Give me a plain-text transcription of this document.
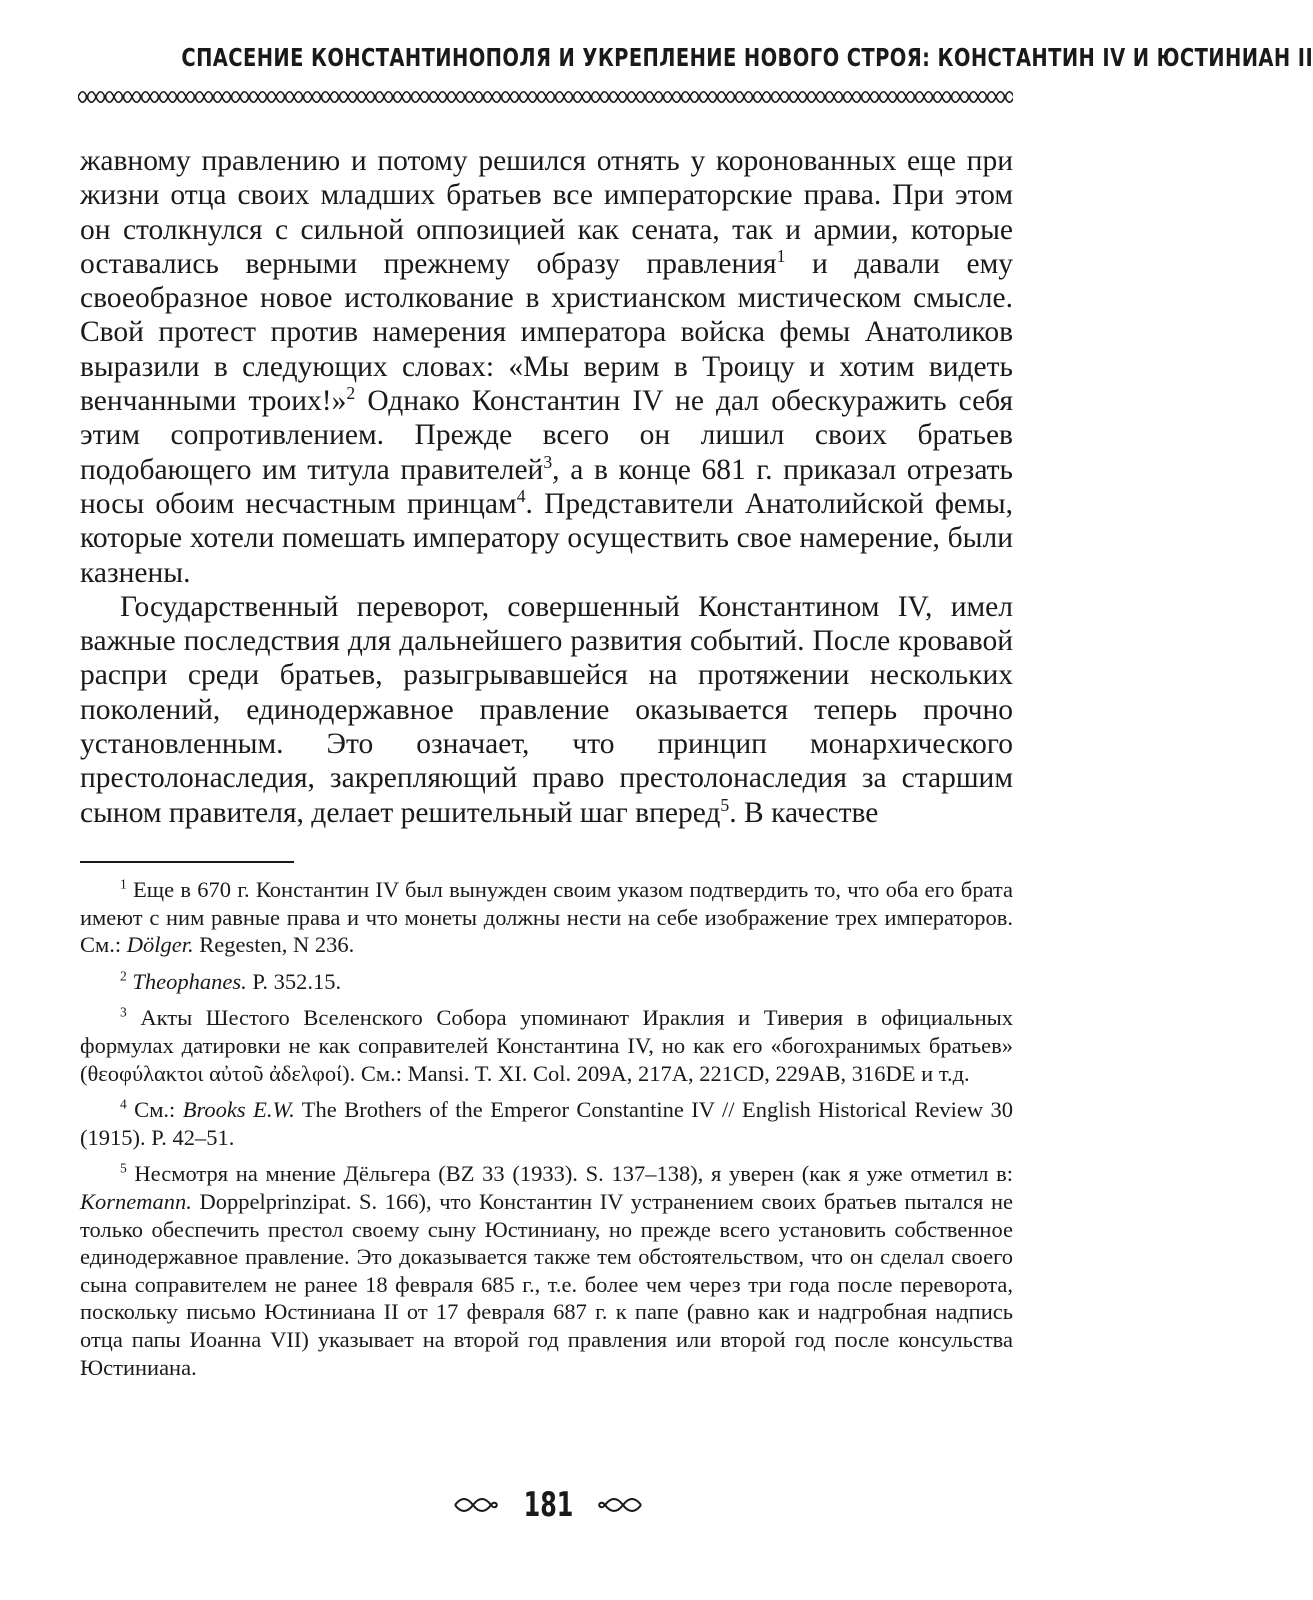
СПАСЕНИЕ КОНСТАНТИНОПОЛЯ И УКРЕПЛЕНИЕ НОВОГО СТРОЯ: КОНСТАНТИН IV И ЮСТИНИАН II

жавному правлению и потому решился отнять у коронованных еще при жизни отца своих младших братьев все императорские права. При этом он столкнулся с сильной оппозицией как сената, так и армии, которые оставались верными прежнему образу правления$^1$ и давали ему своеобразное новое истолкование в христианском мистическом смысле. Свой протест против намерения императора войска фемы Анатоликов выразили в следующих словах: «Мы верим в Троицу и хотим видеть венчанными троих!»$^2$ Однако Константин IV не дал обескуражить себя этим сопротивлением. Прежде всего он лишил своих братьев подобающего им титула правителей$^3$, а в конце 681 г. приказал отрезать носы обоим несчастным принцам$^4$. Представители Анатолийской фемы, которые хотели помешать императору осуществить свое намерение, были казнены.

Государственный переворот, совершенный Константином IV, имел важные последствия для дальнейшего развития событий. После кровавой распри среди братьев, разыгрывавшейся на протяжении нескольких поколений, единодержавное правление оказывается теперь прочно установленным. Это означает, что принцип монархического престолонаследия, закрепляющий право престолонаследия за старшим сыном правителя, делает решительный шаг вперед$^5$. В качестве

$^1$ Еще в 670 г. Константин IV был вынужден своим указом подтвердить то, что оба его брата имеют с ним равные права и что монеты должны нести на себе изображение трех императоров. См.: Dölger. Regesten, N 236.

$^2$ Theophanes. P. 352.15.

$^3$ Акты Шестого Вселенского Собора упоминают Ираклия и Тиверия в официальных формулах датировки не как соправителей Константина IV, но как его «богохранимых братьев» (θεοφύλακτοι αὐτοῦ ἀδελφοί). См.: Mansi. T. XI. Col. 209A, 217A, 221CD, 229AB, 316DE и т.д.

$^4$ См.: Brooks E.W. The Brothers of the Emperor Constantine IV // English Historical Review 30 (1915). P. 42–51.

$^5$ Несмотря на мнение Дёльгера (BZ 33 (1933). S. 137–138), я уверен (как я уже отметил в: Kornemann. Doppelprinzipat. S. 166), что Константин IV устранением своих братьев пытался не только обеспечить престол своему сыну Юстиниану, но прежде всего установить собственное единодержавное правление. Это доказывается также тем обстоятельством, что он сделал своего сына соправителем не ранее 18 февраля 685 г., т.е. более чем через три года после переворота, поскольку письмо Юстиниана II от 17 февраля 687 г. к папе (равно как и надгробная надпись отца папы Иоанна VII) указывает на второй год правления или второй год после консульства Юстиниана.

181
